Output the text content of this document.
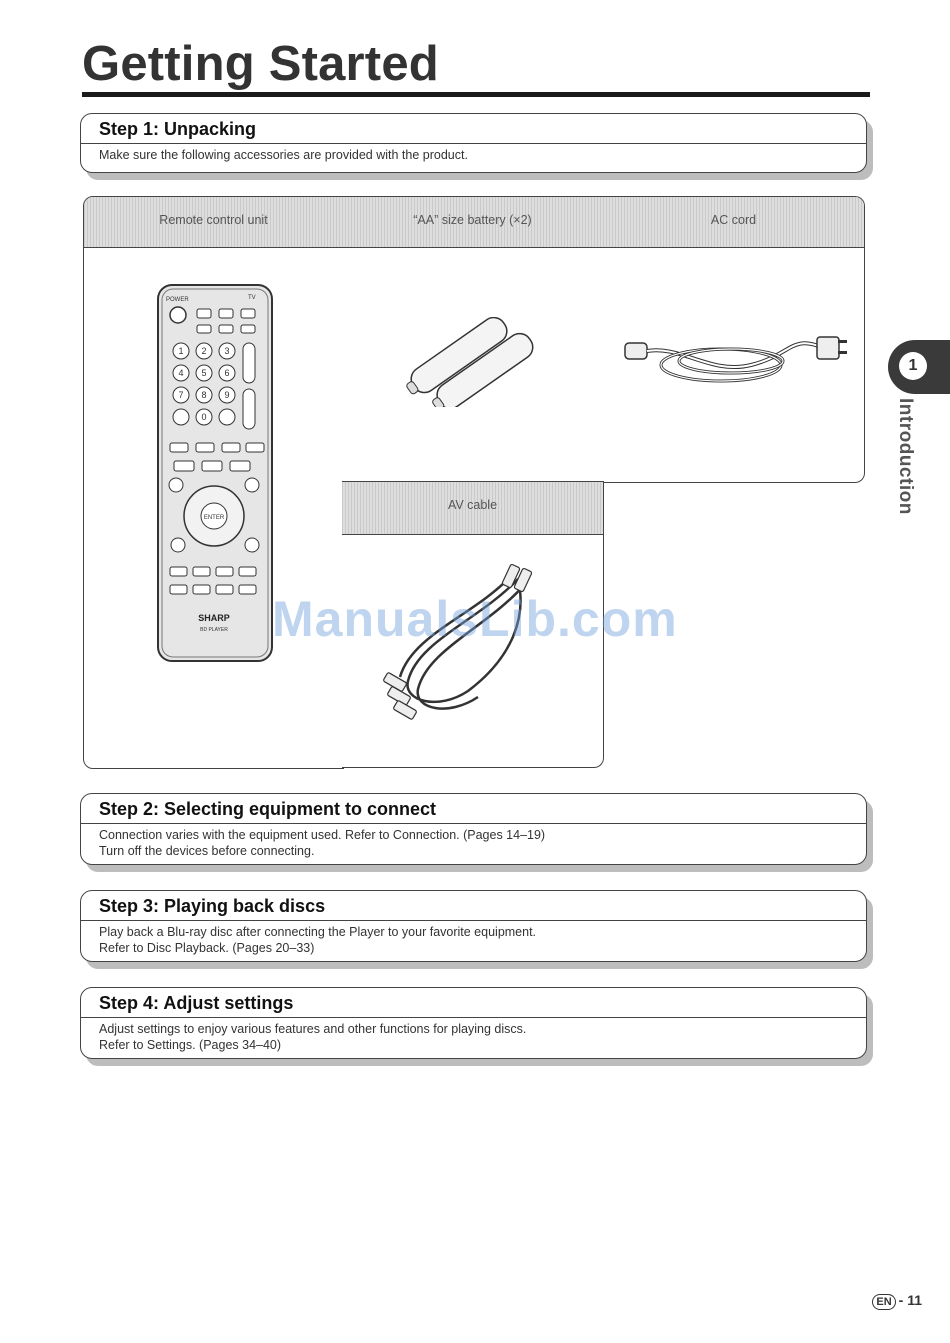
Getting Started
Step 1: Unpacking
Make sure the following accessories are provided with the product.
Remote control unit
POWER	TV
1 2 3
4 5 6
7 8 9
0
ENTER
SHARP
BD PLAYER
“AA” size battery (×2)	AC cord
AV cable
ManualsLib.com
Step 2: Selecting equipment to connect
Connection varies with the equipment used. Refer to Connection. (Pages 14–19)
Turn off the devices before connecting.
Step 3: Playing back discs
Play back a Blu-ray disc after connecting the Player to your favorite equipment.
Refer to Disc Playback. (Pages 20–33)
Step 4: Adjust settings
Adjust settings to enjoy various features and other functions for playing discs.
Refer to Settings. (Pages 34–40)
1
Introduction
EN - 11
